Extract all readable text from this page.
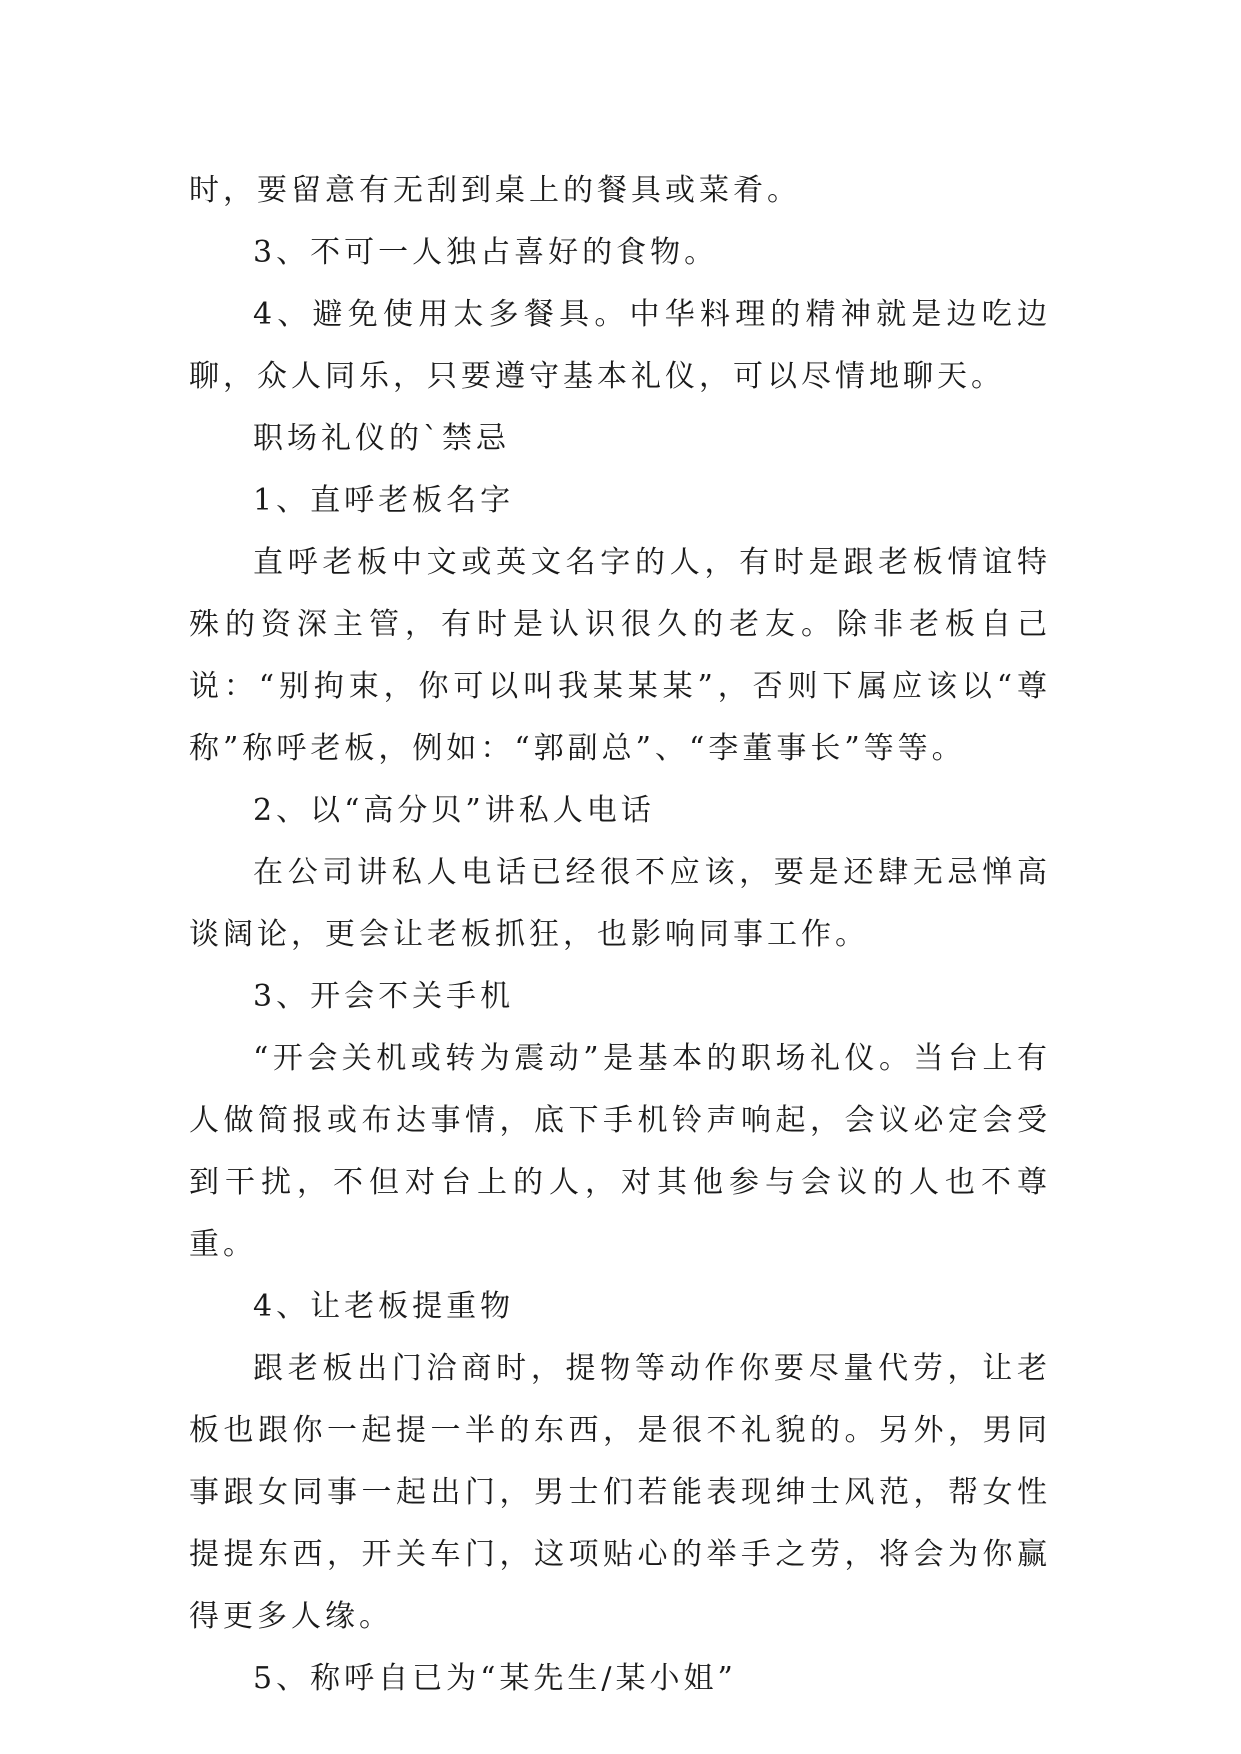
时，要留意有无刮到桌上的餐具或菜肴。

3、不可一人独占喜好的食物。

4、避免使用太多餐具。中华料理的精神就是边吃边聊，众人同乐，只要遵守基本礼仪，可以尽情地聊天。

职场礼仪的`禁忌

1、直呼老板名字

直呼老板中文或英文名字的人，有时是跟老板情谊特殊的资深主管，有时是认识很久的老友。除非老板自己说：“别拘束，你可以叫我某某某”，否则下属应该以“尊称”称呼老板，例如：“郭副总”、“李董事长”等等。

2、以“高分贝”讲私人电话

在公司讲私人电话已经很不应该，要是还肆无忌惮高谈阔论，更会让老板抓狂，也影响同事工作。

3、开会不关手机

“开会关机或转为震动”是基本的职场礼仪。当台上有人做简报或布达事情，底下手机铃声响起，会议必定会受到干扰，不但对台上的人，对其他参与会议的人也不尊重。

4、让老板提重物

跟老板出门洽商时，提物等动作你要尽量代劳，让老板也跟你一起提一半的东西，是很不礼貌的。另外，男同事跟女同事一起出门，男士们若能表现绅士风范，帮女性提提东西，开关车门，这项贴心的举手之劳，将会为你赢得更多人缘。

5、称呼自已为“某先生/某小姐”
